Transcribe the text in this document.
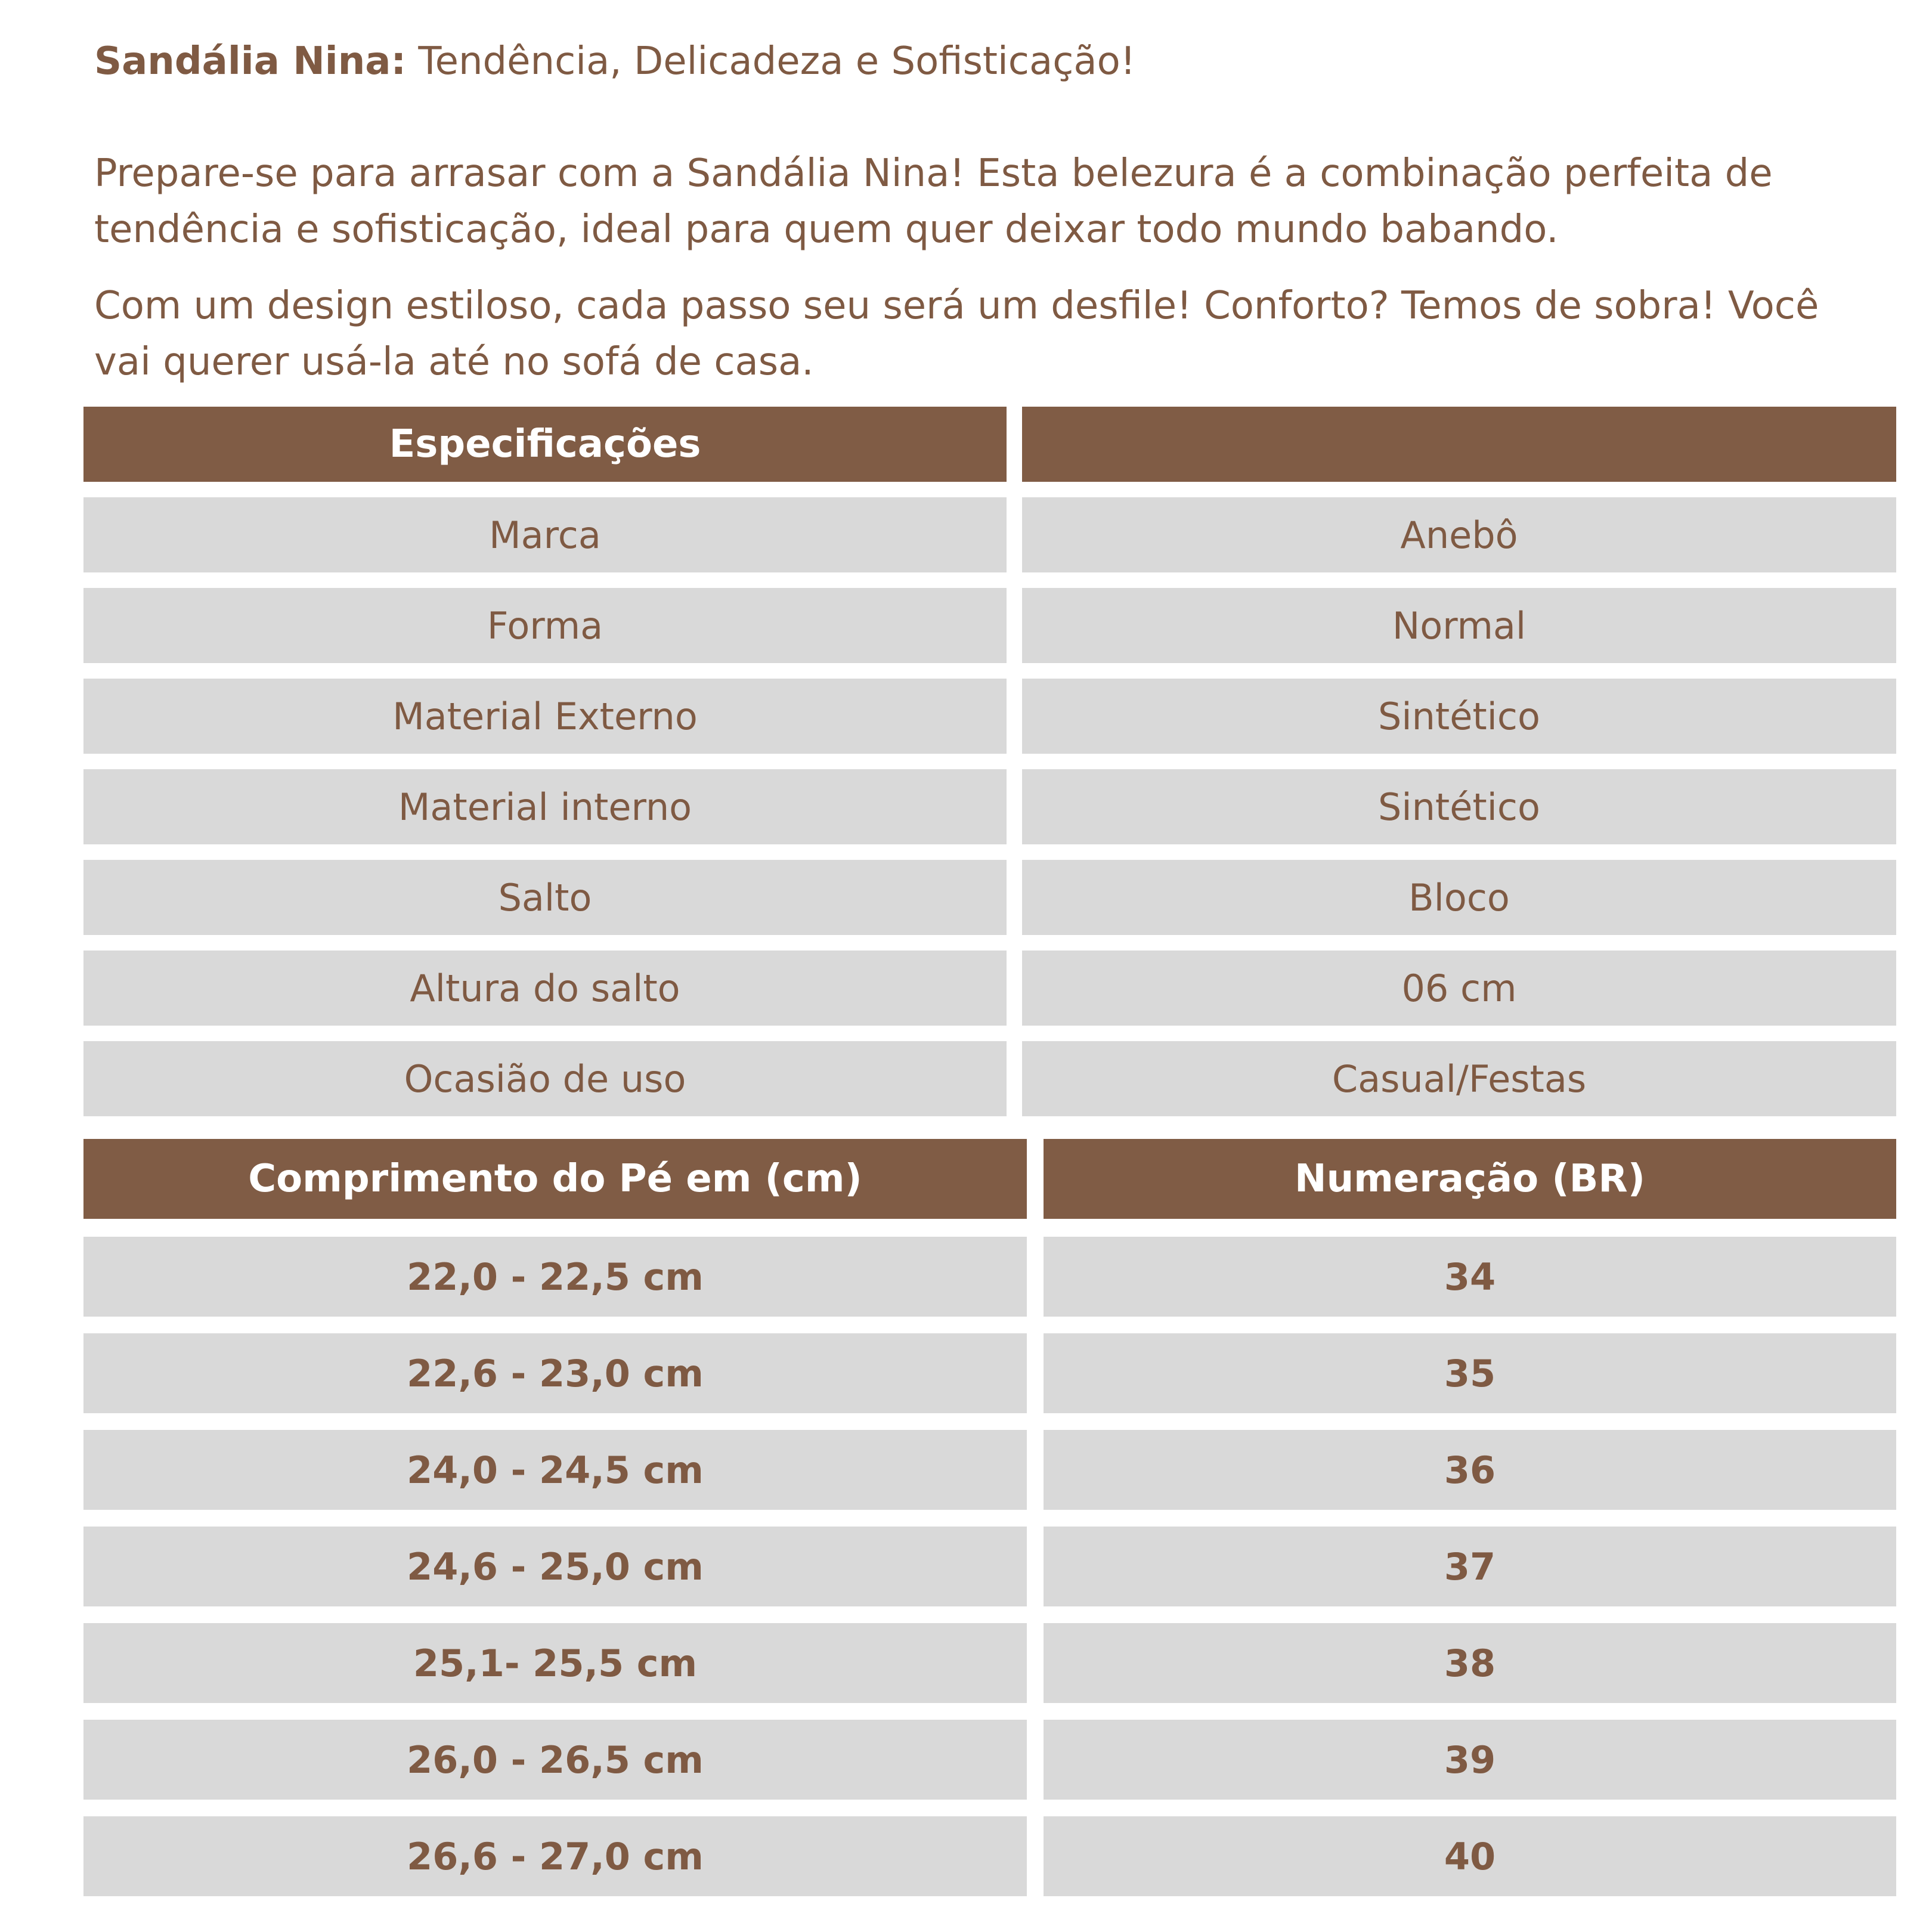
Sandália Nina: Tendência, Delicadeza e Sofisticação!

Prepare-se para arrasar com a Sandália Nina! Esta belezura é a combinação perfeita de tendência e sofisticação, ideal para quem quer deixar todo mundo babando.

Com um design estiloso, cada passo seu será um desfile! Conforto? Temos de sobra! Você vai querer usá-la até no sofá de casa.

Especificações
Marca	Anebô
Forma	Normal
Material Externo	Sintético
Material interno	Sintético
Salto	Bloco
Altura do salto	06 cm
Ocasião de uso	Casual/Festas
Comprimento do Pé em (cm)	Numeração (BR)
22,0 - 22,5 cm	34
22,6 - 23,0 cm	35
24,0 - 24,5 cm	36
24,6 - 25,0 cm	37
25,1- 25,5 cm	38
26,0 - 26,5 cm	39
26,6 - 27,0 cm	40
